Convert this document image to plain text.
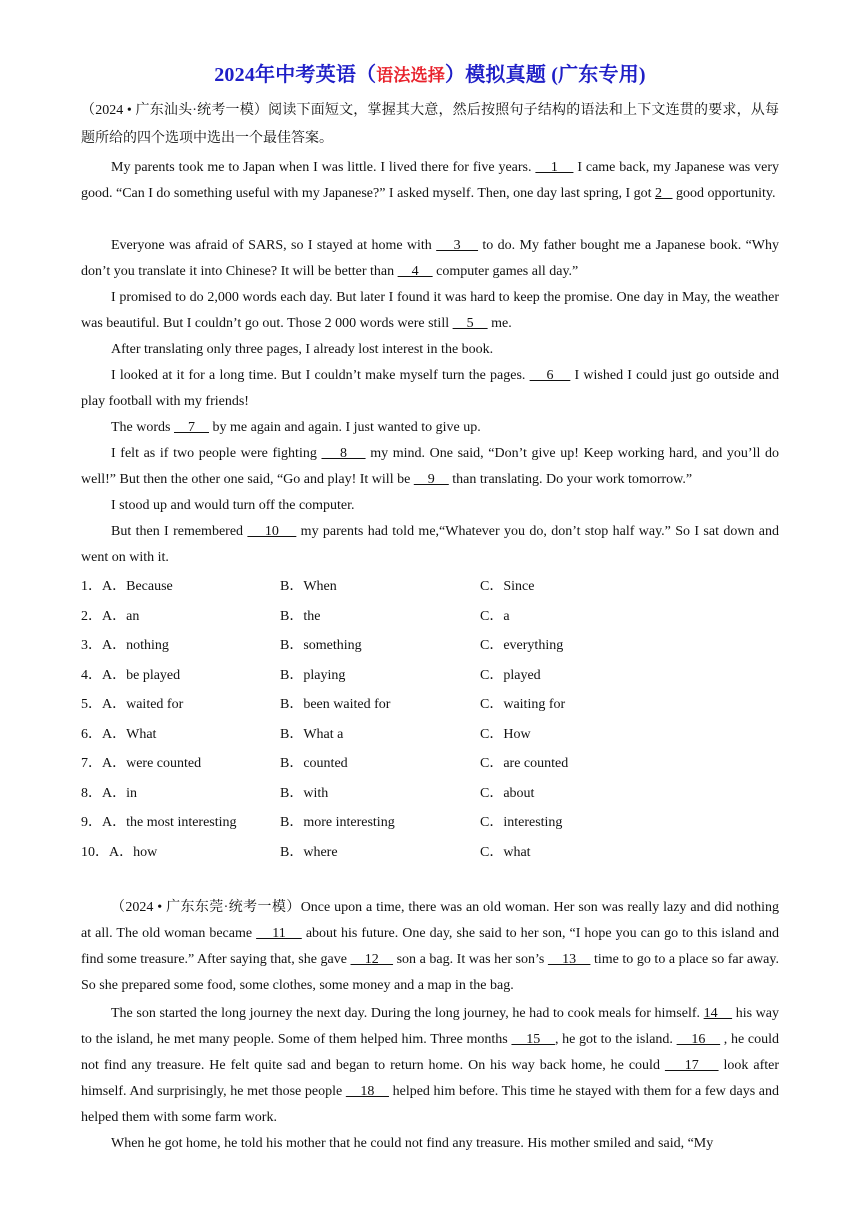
2024年中考英语（语法选择）模拟真题 (广东专用)
（2024 • 广东汕头·统考一模）阅读下面短文，掌握其大意，然后按照句子结构的语法和上下文连贯的要求，从每题所给的四个选项中选出一个最佳答案。
My parents took me to Japan when I was little. I lived there for five years.     1     I came back, my Japanese was very good. “Can I do something useful with my Japanese?” I asked myself. Then, one day last spring, I got 2    good opportunity.
Everyone was afraid of SARS, so I stayed at home with     3     to do. My father bought me a Japanese book. “Why don’t you translate it into Chinese? It will be better than     4     computer games all day.”
I promised to do 2,000 words each day. But later I found it was hard to keep the promise. One day in May, the weather was beautiful. But I couldn’t go out. Those 2 000 words were still     5     me.
After translating only three pages, I already lost interest in the book.
I looked at it for a long time. But I couldn’t make myself turn the pages.     6     I wished I could just go outside and play football with my friends!
The words     7     by me again and again. I just wanted to give up.
I felt as if two people were fighting     8     my mind. One said, “Don’t give up! Keep working hard, and you’ll do well!” But then the other one said, “Go and play! It will be     9     than translating. Do your work tomorrow.”
I stood up and would turn off the computer.
But then I remembered     10     my parents had told me,“Whatever you do, don’t stop half way.” So I sat down and went on with it.
1．A．Because	B．When	C．Since
2．A．an	B．the	C．a
3．A．nothing	B．something	C．everything
4．A．be played	B．playing	C．played
5．A．waited for	B．been waited for	C．waiting for
6．A．What	B．What a	C．How
7．A．were counted	B．counted	C．are counted
8．A．in	B．with	C．about
9．A．the most interesting	B．more interesting	C．interesting
10．A．how	B．where	C．what
（2024 • 广东东莞·统考一模）Once upon a time, there was an old woman. Her son was really lazy and did nothing at all. The old woman became     11     about his future. One day, she said to her son, “I hope you can go to this island and find some treasure.” After saying that, she gave     12     son a bag. It was her son’s     13     time to go to a place so far away. So she prepared some food, some clothes, some money and a map in the bag.
The son started the long journey the next day. During the long journey, he had to cook meals for himself. 14     his way to the island, he met many people. Some of them helped him. Three months     15    , he got to the island.     16     , he could not find any treasure. He felt quite sad and began to return home. On his way back home, he could     17     look after himself. And surprisingly, he met those people     18     helped him before. This time he stayed with them for a few days and helped them with some farm work.
When he got home, he told his mother that he could not find any treasure. His mother smiled and said, “My
